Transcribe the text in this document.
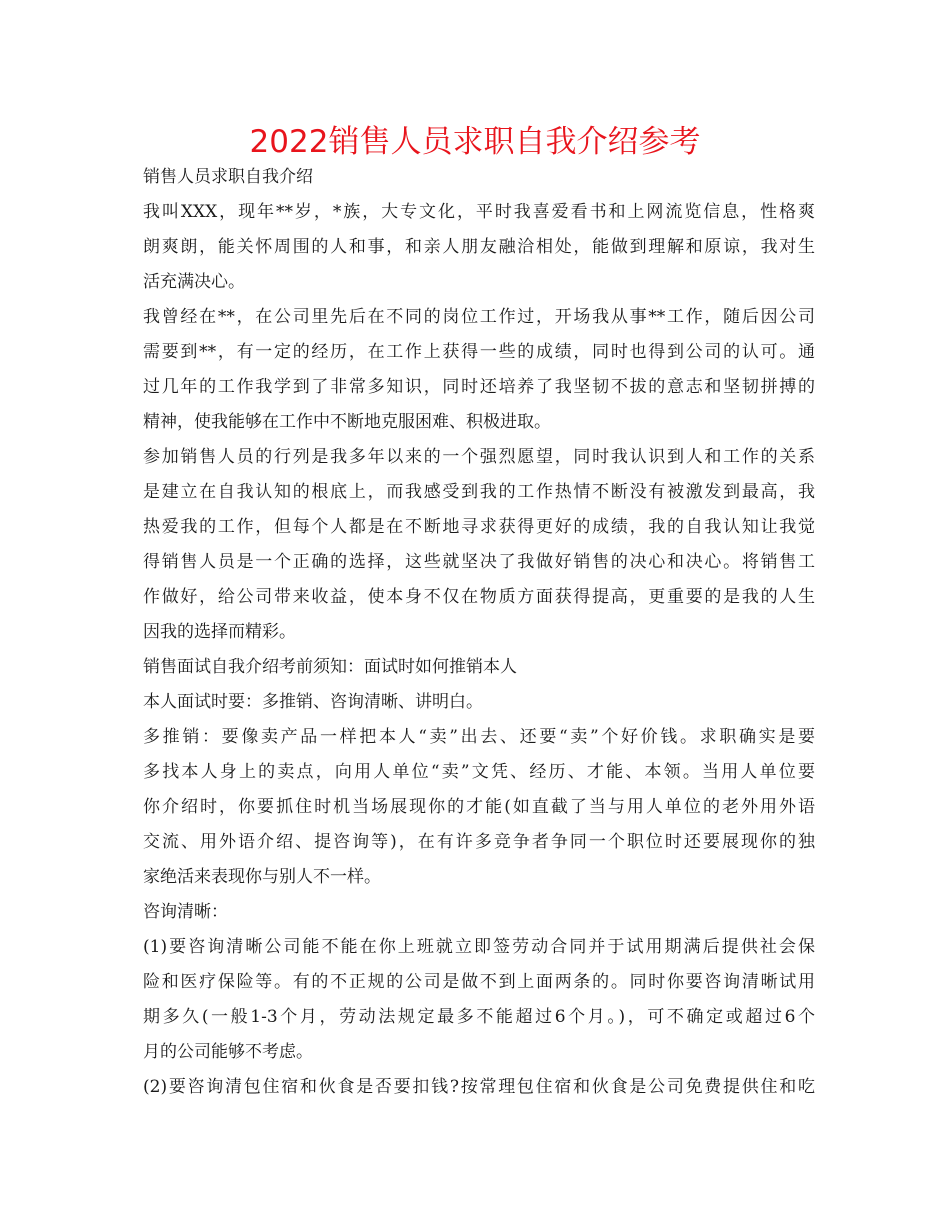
2022销售人员求职自我介绍参考
销售人员求职自我介绍
我叫XXX，现年**岁，*族，大专文化，平时我喜爱看书和上网流览信息，性格爽
朗爽朗，能关怀周围的人和事，和亲人朋友融洽相处，能做到理解和原谅，我对生
活充满决心。
我曾经在**，在公司里先后在不同的岗位工作过，开场我从事**工作，随后因公司
需要到**，有一定的经历，在工作上获得一些的成绩，同时也得到公司的认可。通
过几年的工作我学到了非常多知识，同时还培养了我坚韧不拔的意志和坚韧拼搏的
精神，使我能够在工作中不断地克服困难、积极进取。
参加销售人员的行列是我多年以来的一个强烈愿望，同时我认识到人和工作的关系
是建立在自我认知的根底上，而我感受到我的工作热情不断没有被激发到最高，我
热爱我的工作，但每个人都是在不断地寻求获得更好的成绩，我的自我认知让我觉
得销售人员是一个正确的选择，这些就坚决了我做好销售的决心和决心。将销售工
作做好，给公司带来收益，使本身不仅在物质方面获得提高，更重要的是我的人生
因我的选择而精彩。
销售面试自我介绍考前须知：面试时如何推销本人
本人面试时要：多推销、咨询清晰、讲明白。
多推销：要像卖产品一样把本人“卖”出去、还要“卖”个好价钱。求职确实是要
多找本人身上的卖点，向用人单位“卖”文凭、经历、才能、本领。当用人单位要
你介绍时，你要抓住时机当场展现你的才能(如直截了当与用人单位的老外用外语
交流、用外语介绍、提咨询等)，在有许多竞争者争同一个职位时还要展现你的独
家绝活来表现你与别人不一样。
咨询清晰：
(1)要咨询清晰公司能不能在你上班就立即签劳动合同并于试用期满后提供社会保
险和医疗保险等。有的不正规的公司是做不到上面两条的。同时你要咨询清晰试用
期多久(一般1-3个月，劳动法规定最多不能超过6个月。)，可不确定或超过6个
月的公司能够不考虑。
(2)要咨询清包住宿和伙食是否要扣钱?按常理包住宿和伙食是公司免费提供住和吃
